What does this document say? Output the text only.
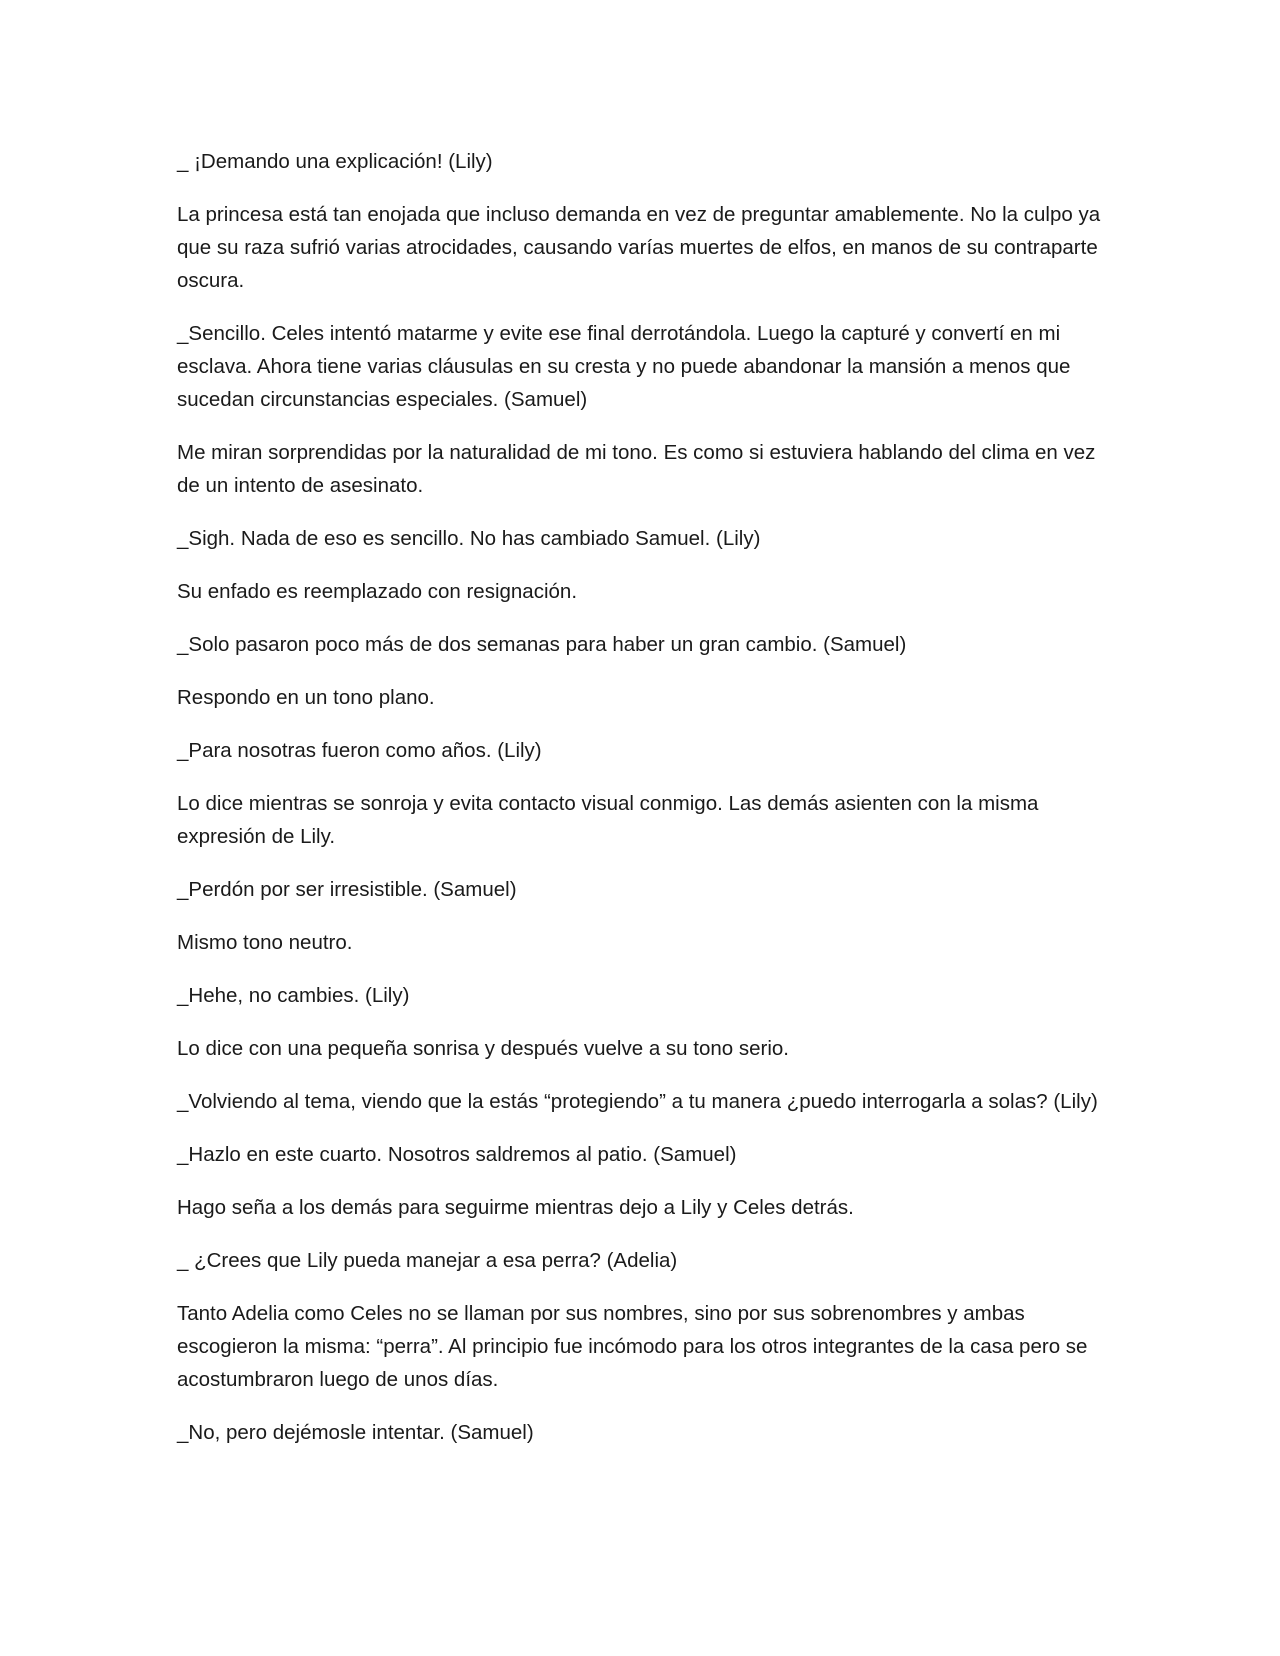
_ ¡Demando una explicación! (Lily)

La princesa está tan enojada que incluso demanda en vez de preguntar amablemente. No la culpo ya que su raza sufrió varias atrocidades, causando varías muertes de elfos, en manos de su contraparte oscura.

_Sencillo. Celes intentó matarme y evite ese final derrotándola. Luego la capturé y convertí en mi esclava. Ahora tiene varias cláusulas en su cresta y no puede abandonar la mansión a menos que sucedan circunstancias especiales. (Samuel)

Me miran sorprendidas por la naturalidad de mi tono. Es como si estuviera hablando del clima en vez de un intento de asesinato.

_Sigh. Nada de eso es sencillo. No has cambiado Samuel. (Lily)

Su enfado es reemplazado con resignación.

_Solo pasaron poco más de dos semanas para haber un gran cambio. (Samuel)

Respondo en un tono plano.

_Para nosotras fueron como años. (Lily)

Lo dice mientras se sonroja y evita contacto visual conmigo. Las demás asienten con la misma expresión de Lily.

_Perdón por ser irresistible. (Samuel)

Mismo tono neutro.

_Hehe, no cambies. (Lily)

Lo dice con una pequeña sonrisa y después vuelve a su tono serio.

_Volviendo al tema, viendo que la estás “protegiendo” a tu manera ¿puedo interrogarla a solas? (Lily)

_Hazlo en este cuarto. Nosotros saldremos al patio. (Samuel)

Hago seña a los demás para seguirme mientras dejo a Lily y Celes detrás.

_ ¿Crees que Lily pueda manejar a esa perra? (Adelia)

Tanto Adelia como Celes no se llaman por sus nombres, sino por sus sobrenombres y ambas escogieron la misma: “perra”. Al principio fue incómodo para los otros integrantes de la casa pero se acostumbraron luego de unos días.

_No, pero dejémosle intentar. (Samuel)
